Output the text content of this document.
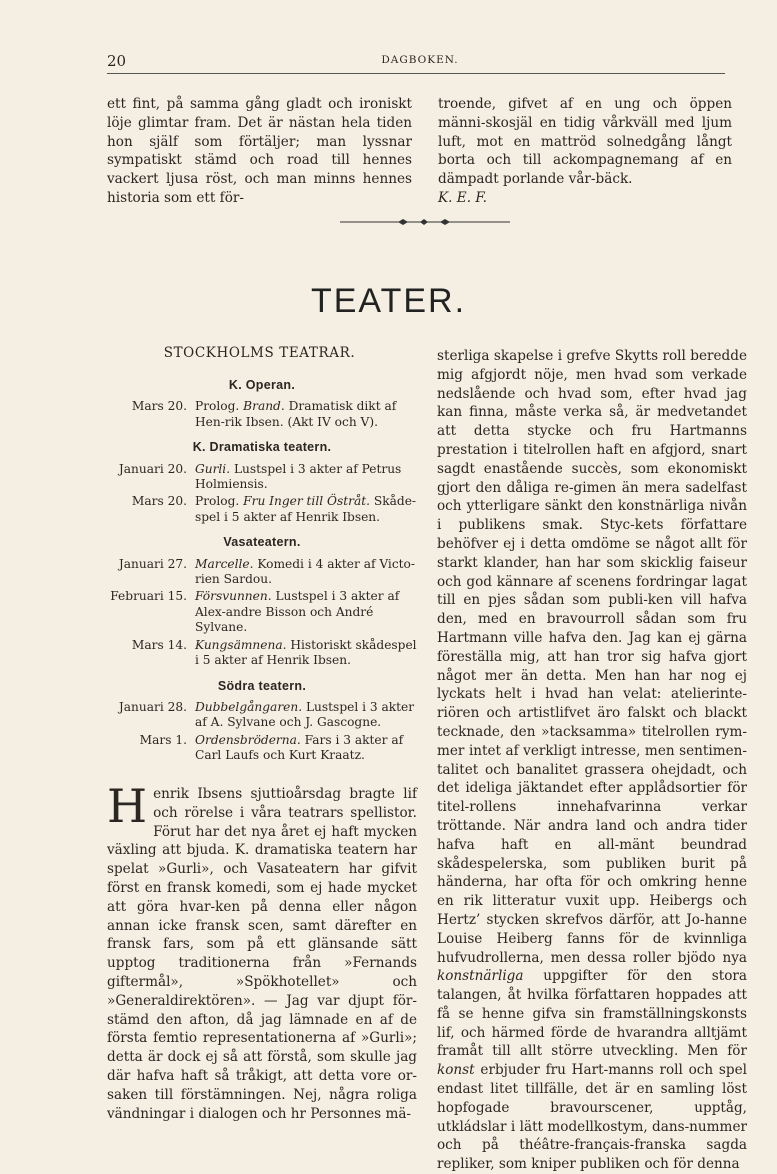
20	DAGBOKEN.

ett fint, på samma gång gladt och ironiskt löje glimtar fram. Det är nästan hela tiden hon själf som förtäljer; man lyssnar sympatiskt stämd och road till hennes vackert ljusa röst, och man minns hennes historia som ett för-

troende, gifvet af en ung och öppen männi-skosjäl en tidig vårkväll med ljum luft, mot en mattröd solnedgång långt borta och till ackompagnemang af en dämpadt porlande vår-bäck.

K. E. F.

TEATER.
STOCKHOLMS TEATRAR.
K. Operan.
Mars 20. Prolog. Brand. Dramatisk dikt af Hen-rik Ibsen. (Akt IV och V).
K. Dramatiska teatern.
Januari 20. Gurli. Lustspel i 3 akter af Petrus Holmiensis.
Mars 20. Prolog. Fru Inger till Östråt. Skåde-spel i 5 akter af Henrik Ibsen.
Vasateatern.
Januari 27. Marcelle. Komedi i 4 akter af Victo-rien Sardou.
Februari 15. Försvunnen. Lustspel i 3 akter af Alex-andre Bisson och André Sylvane.
Mars 14. Kungsämnena. Historiskt skådespel i 5 akter af Henrik Ibsen.
Södra teatern.
Januari 28. Dubbelgångaren. Lustspel i 3 akter af A. Sylvane och J. Gascogne.
Mars 1. Ordensbröderna. Fars i 3 akter af Carl Laufs och Kurt Kraatz.

Henrik Ibsens sjuttioårsdag bragte lif och rörelse i våra teatrars spellistor. Förut har det nya året ej haft mycken växling att bjuda. K. dramatiska teatern har spelat »Gurli», och Vasateatern har gifvit först en fransk komedi, som ej hade mycket att göra hvar-ken på denna eller någon annan icke fransk scen, samt därefter en fransk fars, som på ett glänsande sätt upptog traditionerna från »Fernands giftermål», »Spökhotellet» och »Generaldirektören». — Jag var djupt för-stämd den afton, då jag lämnade en af de första femtio representationerna af »Gurli»; detta är dock ej så att förstå, som skulle jag där hafva haft så tråkigt, att detta vore or-saken till förstämningen. Nej, några roliga vändningar i dialogen och hr Personnes mä-

sterliga skapelse i grefve Skytts roll beredde mig afgjordt nöje, men hvad som verkade nedslående och hvad som, efter hvad jag kan finna, måste verka så, är medvetandet att detta stycke och fru Hartmanns prestation i titelrollen haft en afgjord, snart sagdt enastående succès, som ekonomiskt gjort den dåliga re-gimen än mera sadelfast och ytterligare sänkt den konstnärliga nivån i publikens smak. Styc-kets författare behöfver ej i detta omdöme se något allt för starkt klander, han har som skicklig faiseur och god kännare af scenens fordringar lagat till en pjes sådan som publi-ken vill hafva den, med en bravourroll sådan som fru Hartmann ville hafva den. Jag kan ej gärna föreställa mig, att han tror sig hafva gjort något mer än detta. Men han har nog ej lyckats helt i hvad han velat: atelierinte-riören och artistlifvet äro falskt och blackt tecknade, den »tacksamma» titelrollen rym-mer intet af verkligt intresse, men sentimen-talitet och banalitet grassera ohejdadt, och det ideliga jäktandet efter applådsortier för titel-rollens innehafvarinna verkar tröttande. När andra land och andra tider hafva haft en all-mänt beundrad skådespelerska, som publiken burit på händerna, har ofta för och omkring henne en rik litteratur vuxit upp. Heibergs och Hertz’ stycken skrefvos därför, att Jo-hanne Louise Heiberg fanns för de kvinnliga hufvudrollerna, men dessa roller bjödo nya konstnärliga uppgifter för den stora talangen, åt hvilka författaren hoppades att få se henne gifva sin framställningskonsts lif, och härmed förde de hvarandra alltjämt framåt till allt större utveckling. Men för konst erbjuder fru Hart-manns roll och spel endast litet tillfälle, det är en samling löst hopfogade bravourscener, upptåg, utkládslar i lätt modellkostym, dans-nummer och på théâtre-français-franska sagda repliker, som kniper publiken och för denna
